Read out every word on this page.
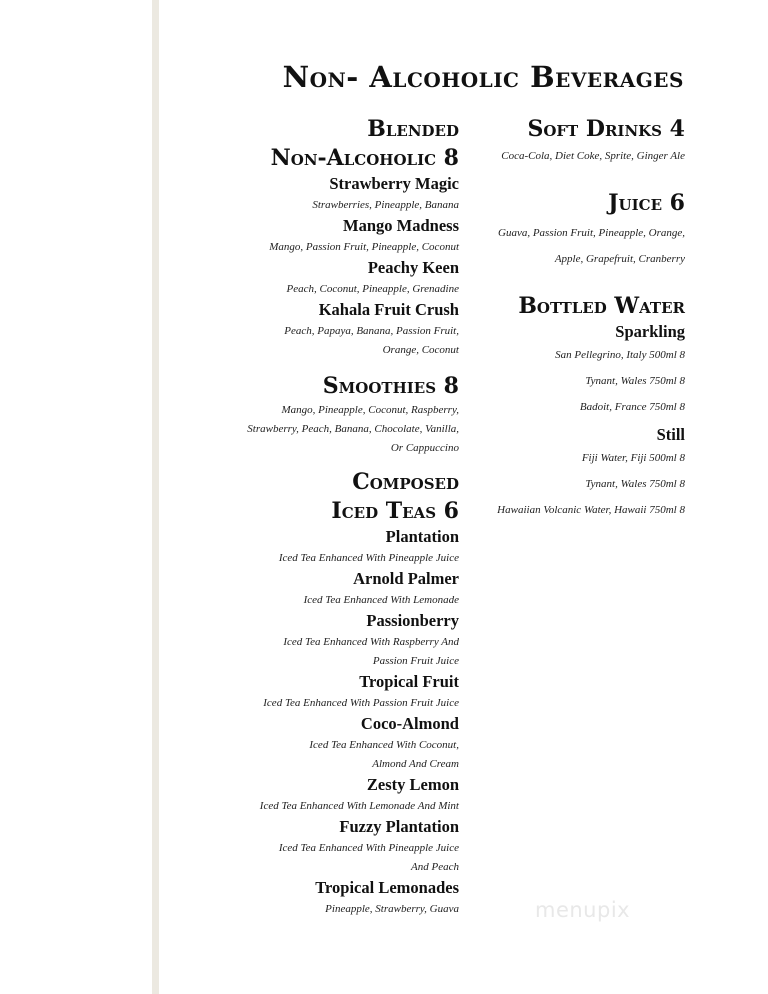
Non- Alcoholic Beverages
Blended
Non-Alcoholic 8
Strawberry Magic
Strawberries, Pineapple, Banana
Mango Madness
Mango, Passion Fruit, Pineapple, Coconut
Peachy Keen
Peach, Coconut, Pineapple, Grenadine
Kahala Fruit Crush
Peach, Papaya, Banana, Passion Fruit,
Orange, Coconut
Smoothies 8
Mango, Pineapple, Coconut, Raspberry,
Strawberry, Peach, Banana, Chocolate, Vanilla,
Or Cappuccino
Composed
Iced Teas 6
Plantation
Iced Tea Enhanced With Pineapple Juice
Arnold Palmer
Iced Tea Enhanced With Lemonade
Passionberry
Iced Tea Enhanced With Raspberry And
Passion Fruit Juice
Tropical Fruit
Iced Tea Enhanced With Passion Fruit Juice
Coco-Almond
Iced Tea Enhanced With Coconut,
Almond And Cream
Zesty Lemon
Iced Tea Enhanced With Lemonade And Mint
Fuzzy Plantation
Iced Tea Enhanced With Pineapple Juice
And Peach
Tropical Lemonades
Pineapple, Strawberry, Guava
Soft Drinks 4
Coca-Cola, Diet Coke, Sprite, Ginger Ale
Juice 6
Guava, Passion Fruit, Pineapple, Orange,
Apple, Grapefruit, Cranberry
Bottled Water
Sparkling
San Pellegrino, Italy 500ml 8
Tynant, Wales 750ml 8
Badoit, France 750ml 8
Still
Fiji Water, Fiji 500ml 8
Tynant, Wales 750ml 8
Hawaiian Volcanic Water, Hawaii 750ml 8
menupix
